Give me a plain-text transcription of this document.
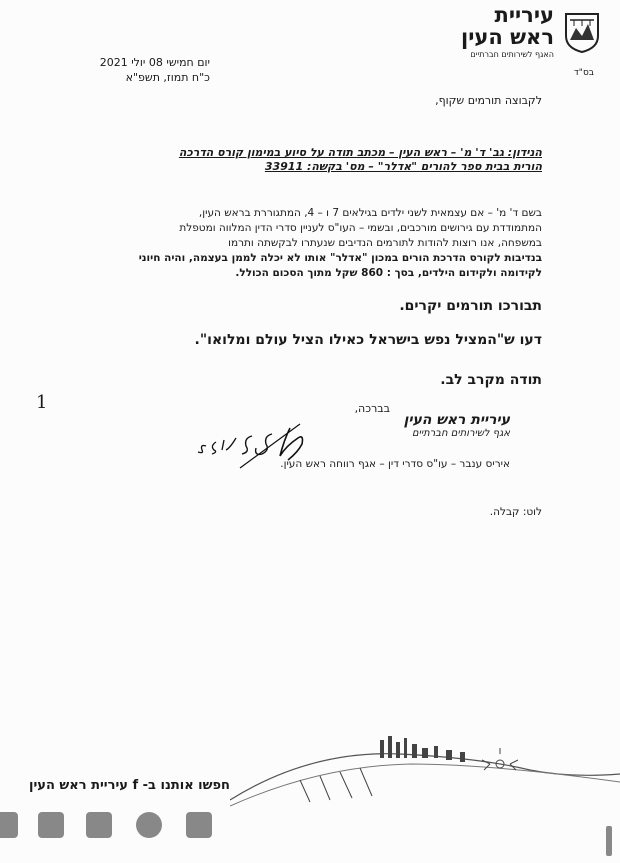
עיריית
ראש העין
האגף לשירותים חברתיים
בס"ד
יום חמישי 08 יולי 2021
כ"ח תמוז, תשפ"א
לקבוצה תורמים שקוף,
הנידון: גב' ד' מ' – ראש העין – מכתב תודה על סיוע במימון קורס הדרכה
הורית בבית ספר להורים "אדלר" – מס' בקשה: 33911
בשם ד' מ' – אם עצמאית לשני ילדים בגילאים 7 ו – 4, המתגוררת בראש העין,
המתמודדת עם גירושים מורכבים, ובשמי – העו"ס לעניין סדרי הדין המלווה ומטפלת
במשפחה, אנו רוצות להודות לתורמים הנדיבים שנעתרו לבקשתה ותרמו
בנדיבות לקורס הדרכת הורים במכון "אדלר" אותו לא יכלה לממן בעצמה, והיה חיוני
לקידומה ולקידום הילדים, בסך : 860 שקל מתוך הסכום הכולל.
תבורכו תורמים יקרים.
דעו ש"המציל נפש בישראל כאילו הציל עולם ומלואו".
תודה מקרב לב.
1	בברכה,
עיריית ראש העין
אגף לשירותים חברתיים
איריס ענבר – עו"ס סדרי דין – אגף רווחה ראש העין.
לוט: קבלה.
חפשו אותנו ב- f עיריית ראש העין
